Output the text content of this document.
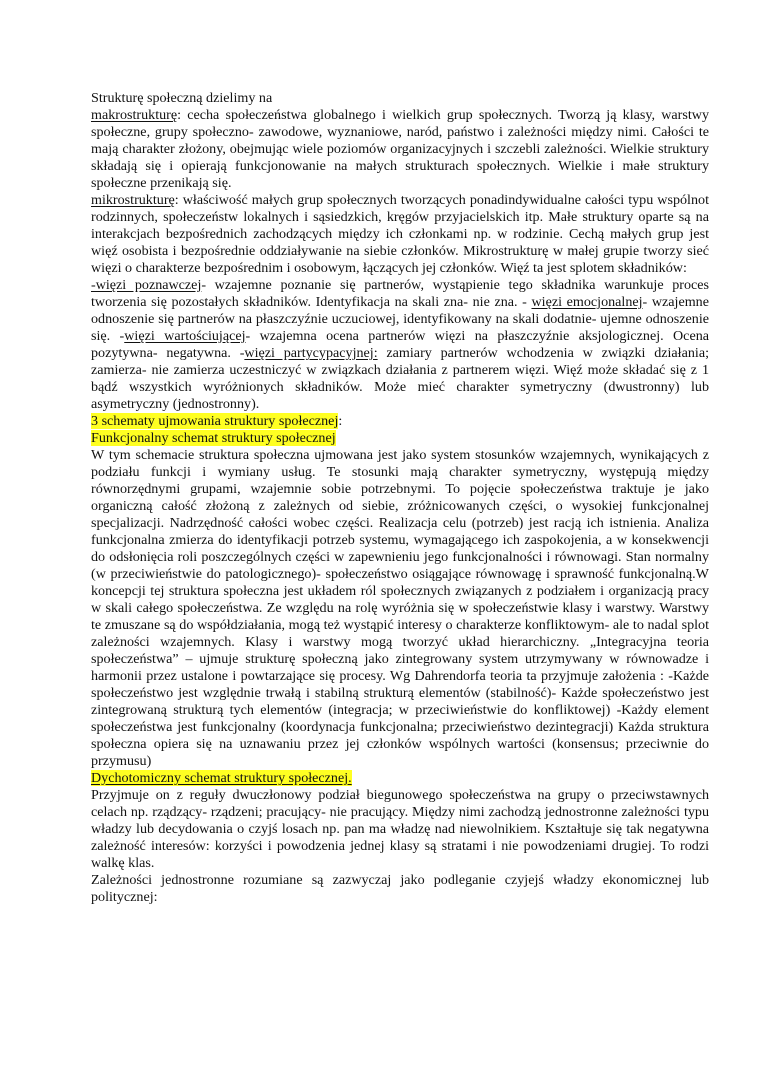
Strukturę społeczną dzielimy na

makrostrukturę: cecha społeczeństwa globalnego i wielkich grup społecznych. Tworzą ją klasy, warstwy społeczne, grupy społeczno- zawodowe, wyznaniowe, naród, państwo i zależności między nimi. Całości te mają charakter złożony, obejmując wiele poziomów organizacyjnych i szczebli zależności. Wielkie struktury składają się i opierają funkcjonowanie na małych strukturach społecznych. Wielkie i małe struktury społeczne przenikają się.

mikrostrukturę: właściwość małych grup społecznych tworzących ponadindywidualne całości typu wspólnot rodzinnych, społeczeństw lokalnych i sąsiedzkich, kręgów przyjacielskich itp. Małe struktury oparte są na interakcjach bezpośrednich zachodzących między ich członkami np. w rodzinie. Cechą małych grup jest więź osobista i bezpośrednie oddziaływanie na siebie członków. Mikrostrukturę w małej grupie tworzy sieć więzi o charakterze bezpośrednim i osobowym, łączących jej członków. Więź ta jest splotem składników:

-więzi poznawczej- wzajemne poznanie się partnerów, wystąpienie tego składnika warunkuje proces tworzenia się pozostałych składników. Identyfikacja na skali zna- nie zna. - więzi emocjonalnej- wzajemne odnoszenie się partnerów na płaszczyźnie uczuciowej, identyfikowany na skali dodatnie- ujemne odnoszenie się. -więzi wartościującej- wzajemna ocena partnerów więzi na płaszczyźnie aksjologicznej. Ocena pozytywna- negatywna. -więzi partycypacyjnej: zamiary partnerów wchodzenia w związki działania; zamierza- nie zamierza uczestniczyć w związkach działania z partnerem więzi. Więź może składać się z 1 bądź wszystkich wyróżnionych składników. Może mieć charakter symetryczny (dwustronny) lub asymetryczny (jednostronny).

3 schematy ujmowania struktury społecznej:

Funkcjonalny schemat struktury społecznej

W tym schemacie struktura społeczna ujmowana jest jako system stosunków wzajemnych, wynikających z podziału funkcji i wymiany usług. Te stosunki mają charakter symetryczny, występują między równorzędnymi grupami, wzajemnie sobie potrzebnymi. To pojęcie społeczeństwa traktuje je jako organiczną całość złożoną z zależnych od siebie, zróżnicowanych części, o wysokiej funkcjonalnej specjalizacji. Nadrzędność całości wobec części. Realizacja celu (potrzeb) jest racją ich istnienia. Analiza funkcjonalna zmierza do identyfikacji potrzeb systemu, wymagającego ich zaspokojenia, a w konsekwencji do odsłonięcia roli poszczególnych części w zapewnieniu jego funkcjonalności i równowagi. Stan normalny (w przeciwieństwie do patologicznego)- społeczeństwo osiągające równowagę i sprawność funkcjonalną.W koncepcji tej struktura społeczna jest układem ról społecznych związanych z podziałem i organizacją pracy w skali całego społeczeństwa. Ze względu na rolę wyróżnia się w społeczeństwie klasy i warstwy. Warstwy te zmuszane są do współdziałania, mogą też wystąpić interesy o charakterze konfliktowym- ale to nadal splot zależności wzajemnych. Klasy i warstwy mogą tworzyć układ hierarchiczny. „Integracyjna teoria społeczeństwa” – ujmuje strukturę społeczną jako zintegrowany system utrzymywany w równowadze i harmonii przez ustalone i powtarzające się procesy. Wg Dahrendorfa teoria ta przyjmuje założenia : -Każde społeczeństwo jest względnie trwałą i stabilną strukturą elementów (stabilność)- Każde społeczeństwo jest zintegrowaną strukturą tych elementów (integracja; w przeciwieństwie do konfliktowej) -Każdy element społeczeństwa jest funkcjonalny (koordynacja funkcjonalna; przeciwieństwo dezintegracji) Każda struktura społeczna opiera się na uznawaniu przez jej członków wspólnych wartości (konsensus; przeciwnie do przymusu)

Dychotomiczny schemat struktury społecznej.

Przyjmuje on z reguły dwuczłonowy podział biegunowego społeczeństwa na grupy o przeciwstawnych celach np. rządzący- rządzeni; pracujący- nie pracujący. Między nimi zachodzą jednostronne zależności typu władzy lub decydowania o czyjś losach np. pan ma władzę nad niewolnikiem. Kształtuje się tak negatywna zależność interesów: korzyści i powodzenia jednej klasy są stratami i nie powodzeniami drugiej. To rodzi walkę klas.

Zależności jednostronne rozumiane są zazwyczaj jako podleganie czyjejś władzy ekonomicznej lub politycznej:
